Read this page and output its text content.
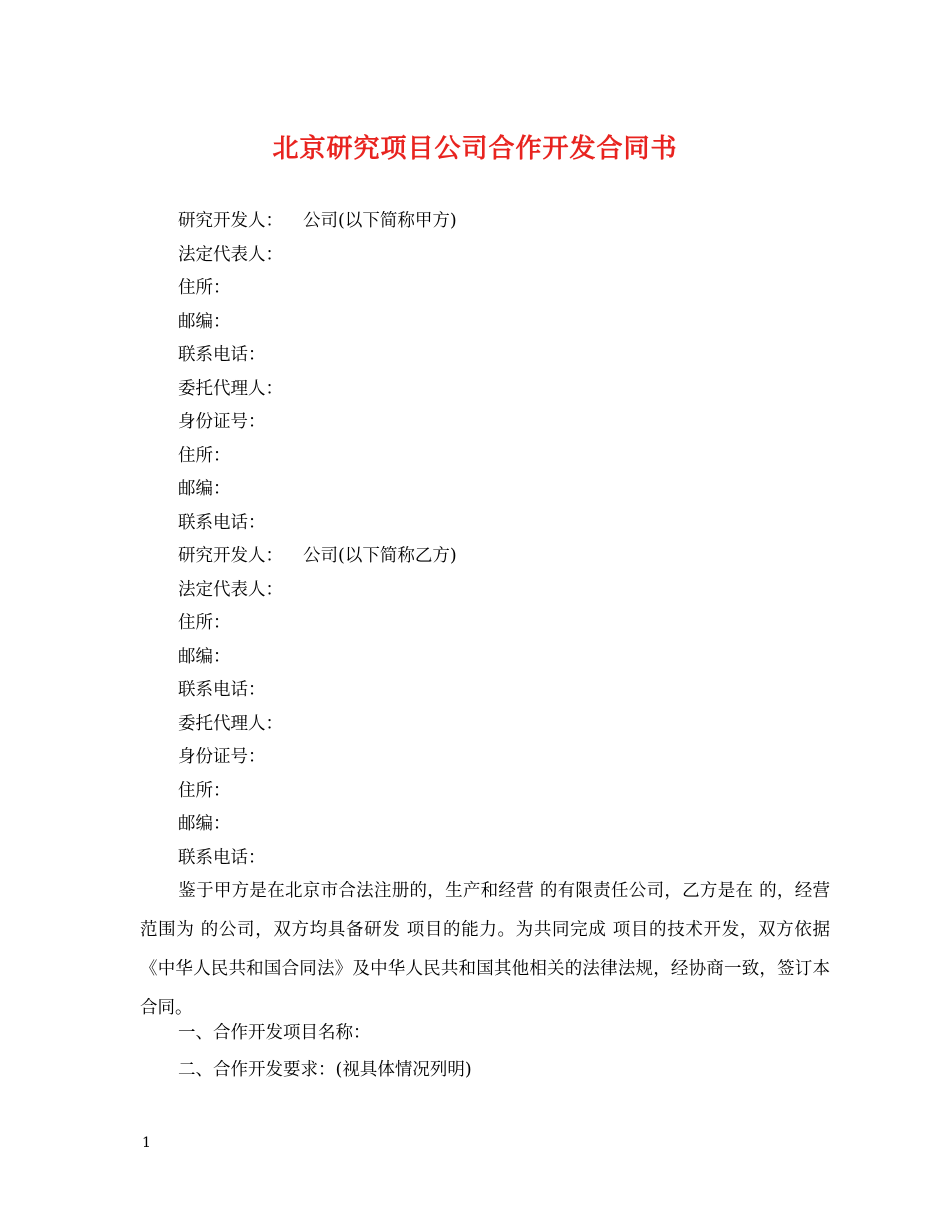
北京研究项目公司合作开发合同书
研究开发人： 公司(以下简称甲方)
法定代表人：
住所：
邮编：
联系电话：
委托代理人：
身份证号：
住所：
邮编：
联系电话：
研究开发人： 公司(以下简称乙方)
法定代表人：
住所：
邮编：
联系电话：
委托代理人：
身份证号：
住所：
邮编：
联系电话：
鉴于甲方是在北京市合法注册的，生产和经营 的有限责任公司，乙方是在 的，经营范围为 的公司，双方均具备研发 项目的能力。为共同完成 项目的技术开发，双方依据《中华人民共和国合同法》及中华人民共和国其他相关的法律法规，经协商一致，签订本合同。
一、合作开发项目名称：
二、合作开发要求：(视具体情况列明)
1
